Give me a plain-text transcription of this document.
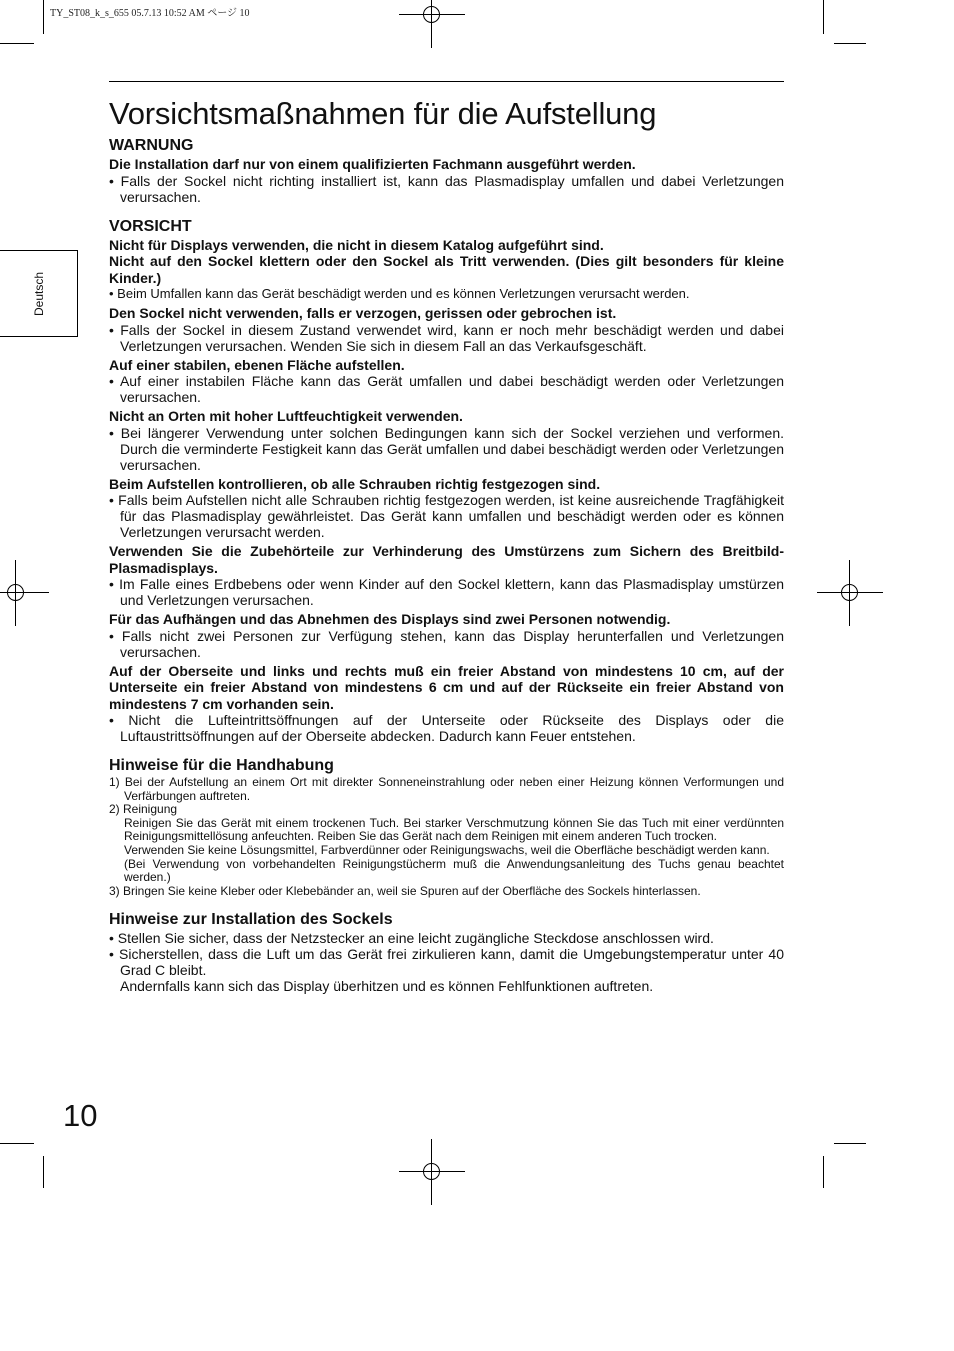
TY_ST08_k_s_655 05.7.13 10:52 AM ページ 10
Deutsch
Vorsichtsmaßnahmen für die Aufstellung
WARNUNG

Die Installation darf nur von einem qualifizierten Fachmann ausgeführt werden.

• Falls der Sockel nicht richting installiert ist, kann das Plasmadisplay umfallen und dabei Verletzungen verursachen.

VORSICHT

Nicht für Displays verwenden, die nicht in diesem Katalog aufgeführt sind.

Nicht auf den Sockel klettern oder den Sockel als Tritt verwenden. (Dies gilt besonders für kleine Kinder.)

• Beim Umfallen kann das Gerät beschädigt werden und es können Verletzungen verursacht werden.

Den Sockel nicht verwenden, falls er verzogen, gerissen oder gebrochen ist.

• Falls der Sockel in diesem Zustand verwendet wird, kann er noch mehr beschädigt werden und dabei Verletzungen verursachen. Wenden Sie sich in diesem Fall an das Verkaufsgeschäft.

Auf einer stabilen, ebenen Fläche aufstellen.

• Auf einer instabilen Fläche kann das Gerät umfallen und dabei beschädigt werden oder Verletzungen verursachen.

Nicht an Orten mit hoher Luftfeuchtigkeit verwenden.

• Bei längerer Verwendung unter solchen Bedingungen kann sich der Sockel verziehen und verformen. Durch die verminderte Festigkeit kann das Gerät umfallen und dabei beschädigt werden oder Verletzungen verursachen.

Beim Aufstellen kontrollieren, ob alle Schrauben richtig festgezogen sind.

• Falls beim Aufstellen nicht alle Schrauben richtig festgezogen werden, ist keine ausreichende Tragfähigkeit für das Plasmadisplay gewährleistet. Das Gerät kann umfallen und beschädigt werden oder es können Verletzungen verursacht werden.

Verwenden Sie die Zubehörteile zur Verhinderung des Umstürzens zum Sichern des Breitbild-Plasmadisplays.

• Im Falle eines Erdbebens oder wenn Kinder auf den Sockel klettern, kann das Plasmadisplay umstürzen und Verletzungen verursachen.

Für das Aufhängen und das Abnehmen des Displays sind zwei Personen notwendig.

• Falls nicht zwei Personen zur Verfügung stehen, kann das Display herunterfallen und Verletzungen verursachen.

Auf der Oberseite und links und rechts muß ein freier Abstand von mindestens 10 cm, auf der Unterseite ein freier Abstand von mindestens 6 cm und auf der Rückseite ein freier Abstand von mindestens 7 cm vorhanden sein.

• Nicht die Lufteintrittsöffnungen auf der Unterseite oder Rückseite des Displays oder die Luftaustrittsöffnungen auf der Oberseite abdecken. Dadurch kann Feuer entstehen.

Hinweise für die Handhabung

1) Bei der Aufstellung an einem Ort mit direkter Sonneneinstrahlung oder neben einer Heizung können Verformungen und Verfärbungen auftreten.

2) Reinigung

Reinigen Sie das Gerät mit einem trockenen Tuch. Bei starker Verschmutzung können Sie das Tuch mit einer verdünnten Reinigungsmittellösung anfeuchten. Reiben Sie das Gerät nach dem Reinigen mit einem anderen Tuch trocken.

Verwenden Sie keine Lösungsmittel, Farbverdünner oder Reinigungswachs, weil die Oberfläche beschädigt werden kann.

(Bei Verwendung von vorbehandelten Reinigungstücherm muß die Anwendungsanleitung des Tuchs genau beachtet werden.)

3) Bringen Sie keine Kleber oder Klebebänder an, weil sie Spuren auf der Oberfläche des Sockels hinterlassen.

Hinweise zur Installation des Sockels

• Stellen Sie sicher, dass der Netzstecker an eine leicht zugängliche Steckdose anschlossen wird.

• Sicherstellen, dass die Luft um das Gerät frei zirkulieren kann, damit die Umgebungstemperatur unter 40 Grad C bleibt.

Andernfalls kann sich das Display überhitzen und es können Fehlfunktionen auftreten.

10
